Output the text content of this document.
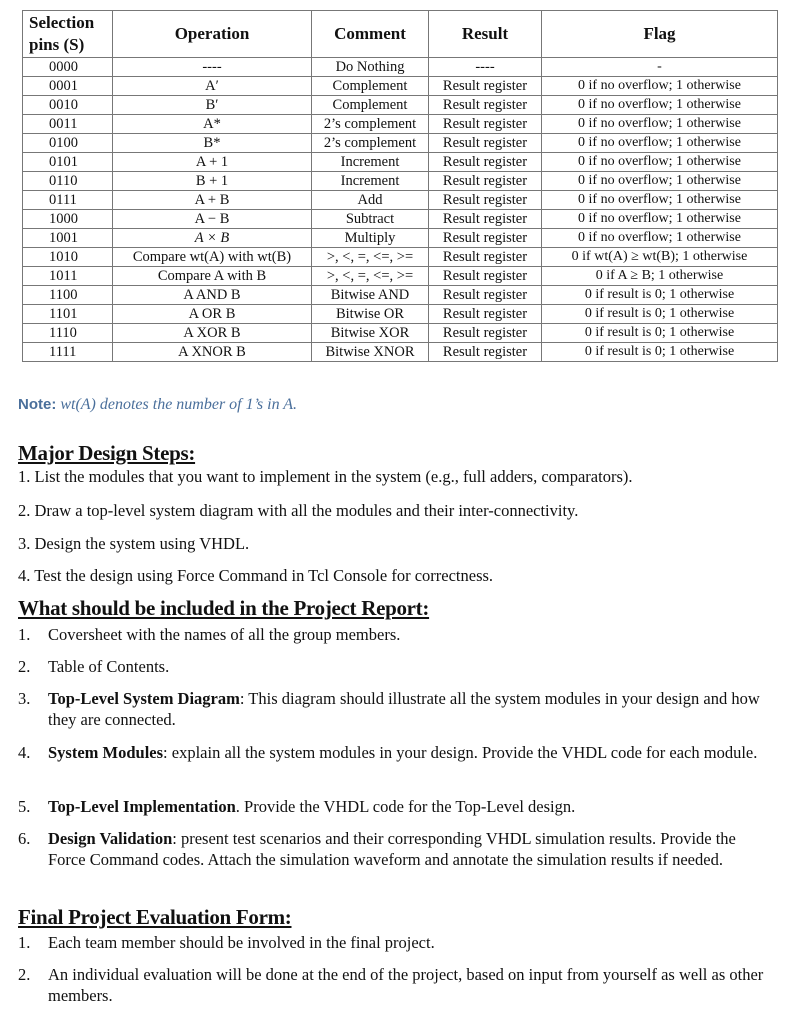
Selection pins (S)	Operation	Comment	Result	Flag
0000	----	Do Nothing	----	-
0001	A′	Complement	Result register	0 if no overflow; 1 otherwise
0010	B′	Complement	Result register	0 if no overflow; 1 otherwise
0011	A*	2’s complement	Result register	0 if no overflow; 1 otherwise
0100	B*	2’s complement	Result register	0 if no overflow; 1 otherwise
0101	A + 1	Increment	Result register	0 if no overflow; 1 otherwise
0110	B + 1	Increment	Result register	0 if no overflow; 1 otherwise
0111	A + B	Add	Result register	0 if no overflow; 1 otherwise
1000	A − B	Subtract	Result register	0 if no overflow; 1 otherwise
1001	A × B	Multiply	Result register	0 if no overflow; 1 otherwise
1010	Compare wt(A) with wt(B)	>, <, =, <=, >=	Result register	0 if wt(A) ≥ wt(B); 1 otherwise
1011	Compare A with B	>, <, =, <=, >=	Result register	0 if A ≥ B; 1 otherwise
1100	A AND B	Bitwise AND	Result register	0 if result is 0; 1 otherwise
1101	A OR B	Bitwise OR	Result register	0 if result is 0; 1 otherwise
1110	A XOR B	Bitwise XOR	Result register	0 if result is 0; 1 otherwise
1111	A XNOR B	Bitwise XNOR	Result register	0 if result is 0; 1 otherwise
Note: wt(A) denotes the number of 1’s in A.
Major Design Steps:

1. List the modules that you want to implement in the system (e.g., full adders, comparators).

2. Draw a top-level system diagram with all the modules and their inter-connectivity.

3. Design the system using VHDL.

4. Test the design using Force Command in Tcl Console for correctness.

What should be included in the Project Report:
1. Coversheet with the names of all the group members.
2. Table of Contents.
3. Top-Level System Diagram: This diagram should illustrate all the system modules in your design and how they are connected.
4. System Modules: explain all the system modules in your design. Provide the VHDL code for each module.
5. Top-Level Implementation. Provide the VHDL code for the Top-Level design.
6. Design Validation: present test scenarios and their corresponding VHDL simulation results. Provide the Force Command codes. Attach the simulation waveform and annotate the simulation results if needed.
Final Project Evaluation Form:
1. Each team member should be involved in the final project.
2. An individual evaluation will be done at the end of the project, based on input from yourself as well as other members.
